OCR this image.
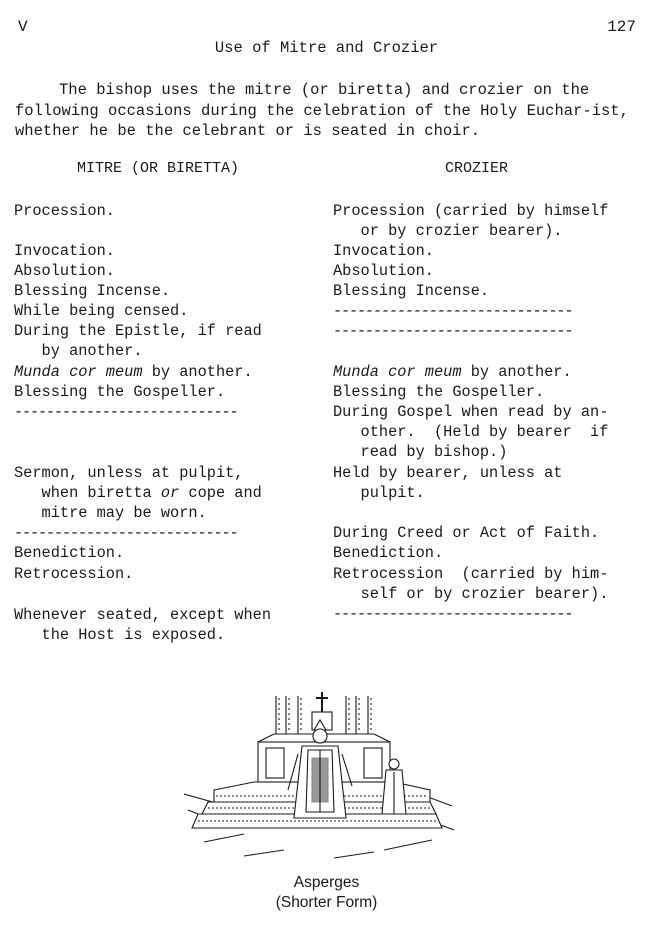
V	127
Use of Mitre and Crozier
The bishop uses the mitre (or biretta) and crozier on the following occasions during the celebration of the Holy Euchar-ist, whether he be the celebrant or is seated in choir.
MITRE (OR BIRETTA)	CROZIER
Procession.
Invocation.
Absolution.
Blessing Incense.
While being censed.
During the Epistle, if read
by another.
Munda cor meum by another.
Blessing the Gospeller.
----------------------------
Sermon, unless at pulpit,
when biretta or cope and
mitre may be worn.
----------------------------
Benediction.
Retrocession.
Whenever seated, except when
the Host is exposed.
Procession (carried by himself
or by crozier bearer).
Invocation.
Absolution.
Blessing Incense.
------------------------------
------------------------------
Munda cor meum by another.
Blessing the Gospeller.
During Gospel when read by an-
other.  (Held by bearer  if
read by bishop.)
Held by bearer, unless at
pulpit.
During Creed or Act of Faith.
Benediction.
Retrocession  (carried by him-
self or by crozier bearer).
------------------------------
Asperges
(Shorter Form)
